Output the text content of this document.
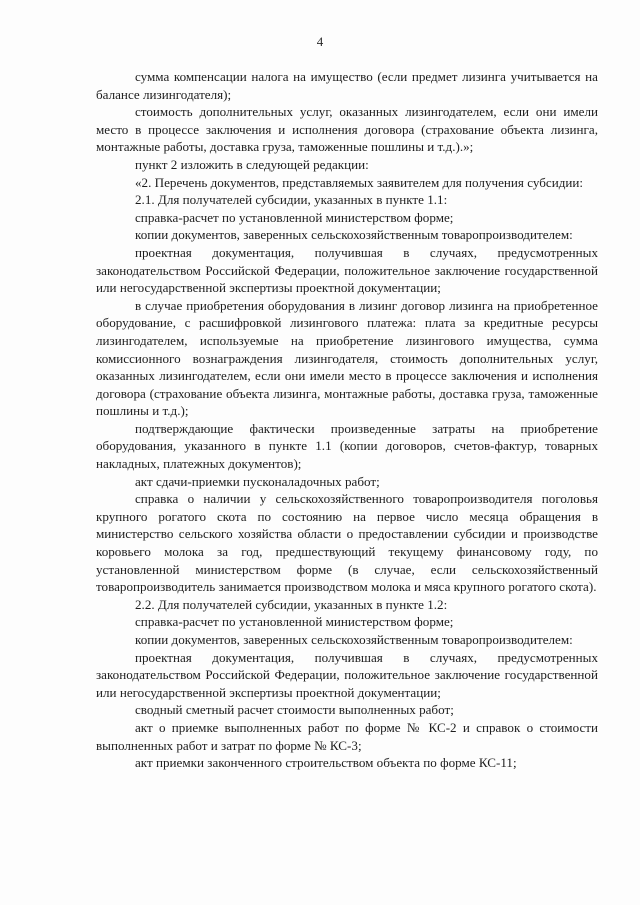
4

сумма компенсации налога на имущество (если предмет лизинга учитывается на балансе лизингодателя);

стоимость дополнительных услуг, оказанных лизингодателем, если они имели место в процессе заключения и исполнения договора (страхование объекта лизинга, монтажные работы, доставка груза, таможенные пошлины и т.д.).»;

пункт 2 изложить в следующей редакции:

«2. Перечень документов, представляемых заявителем для получения субсидии:

2.1. Для получателей субсидии, указанных в пункте 1.1:

справка-расчет по установленной министерством форме;

копии документов, заверенных сельскохозяйственным товаропроизводителем:

проектная документация, получившая в случаях, предусмотренных законодательством Российской Федерации, положительное заключение государственной или негосударственной экспертизы проектной документации;

в случае приобретения оборудования в лизинг договор лизинга на приобретенное оборудование, с расшифровкой лизингового платежа: плата за кредитные ресурсы лизингодателем, используемые на приобретение лизингового имущества, сумма комиссионного вознаграждения лизингодателя, стоимость дополнительных услуг, оказанных лизингодателем, если они имели место в процессе заключения и исполнения договора (страхование объекта лизинга, монтажные работы, доставка груза, таможенные пошлины и т.д.);

подтверждающие фактически произведенные затраты на приобретение оборудования, указанного в пункте 1.1 (копии договоров, счетов-фактур, товарных накладных, платежных документов);

акт сдачи-приемки пусконаладочных работ;

справка о наличии у сельскохозяйственного товаропроизводителя поголовья крупного рогатого скота по состоянию на первое число месяца обращения в министерство сельского хозяйства области о предоставлении субсидии и производстве коровьего молока за год, предшествующий текущему финансовому году, по установленной министерством форме (в случае, если сельскохозяйственный товаропроизводитель занимается производством молока и мяса крупного рогатого скота).

2.2. Для получателей субсидии, указанных в пункте 1.2:

справка-расчет по установленной министерством форме;

копии документов, заверенных сельскохозяйственным товаропроизводителем:

проектная документация, получившая в случаях, предусмотренных законодательством Российской Федерации, положительное заключение государственной или негосударственной экспертизы проектной документации;

сводный сметный расчет стоимости выполненных работ;

акт о приемке выполненных работ по форме № КС-2 и справок о стоимости выполненных работ и затрат по форме № КС-3;

акт приемки законченного строительством объекта по форме КС-11;
